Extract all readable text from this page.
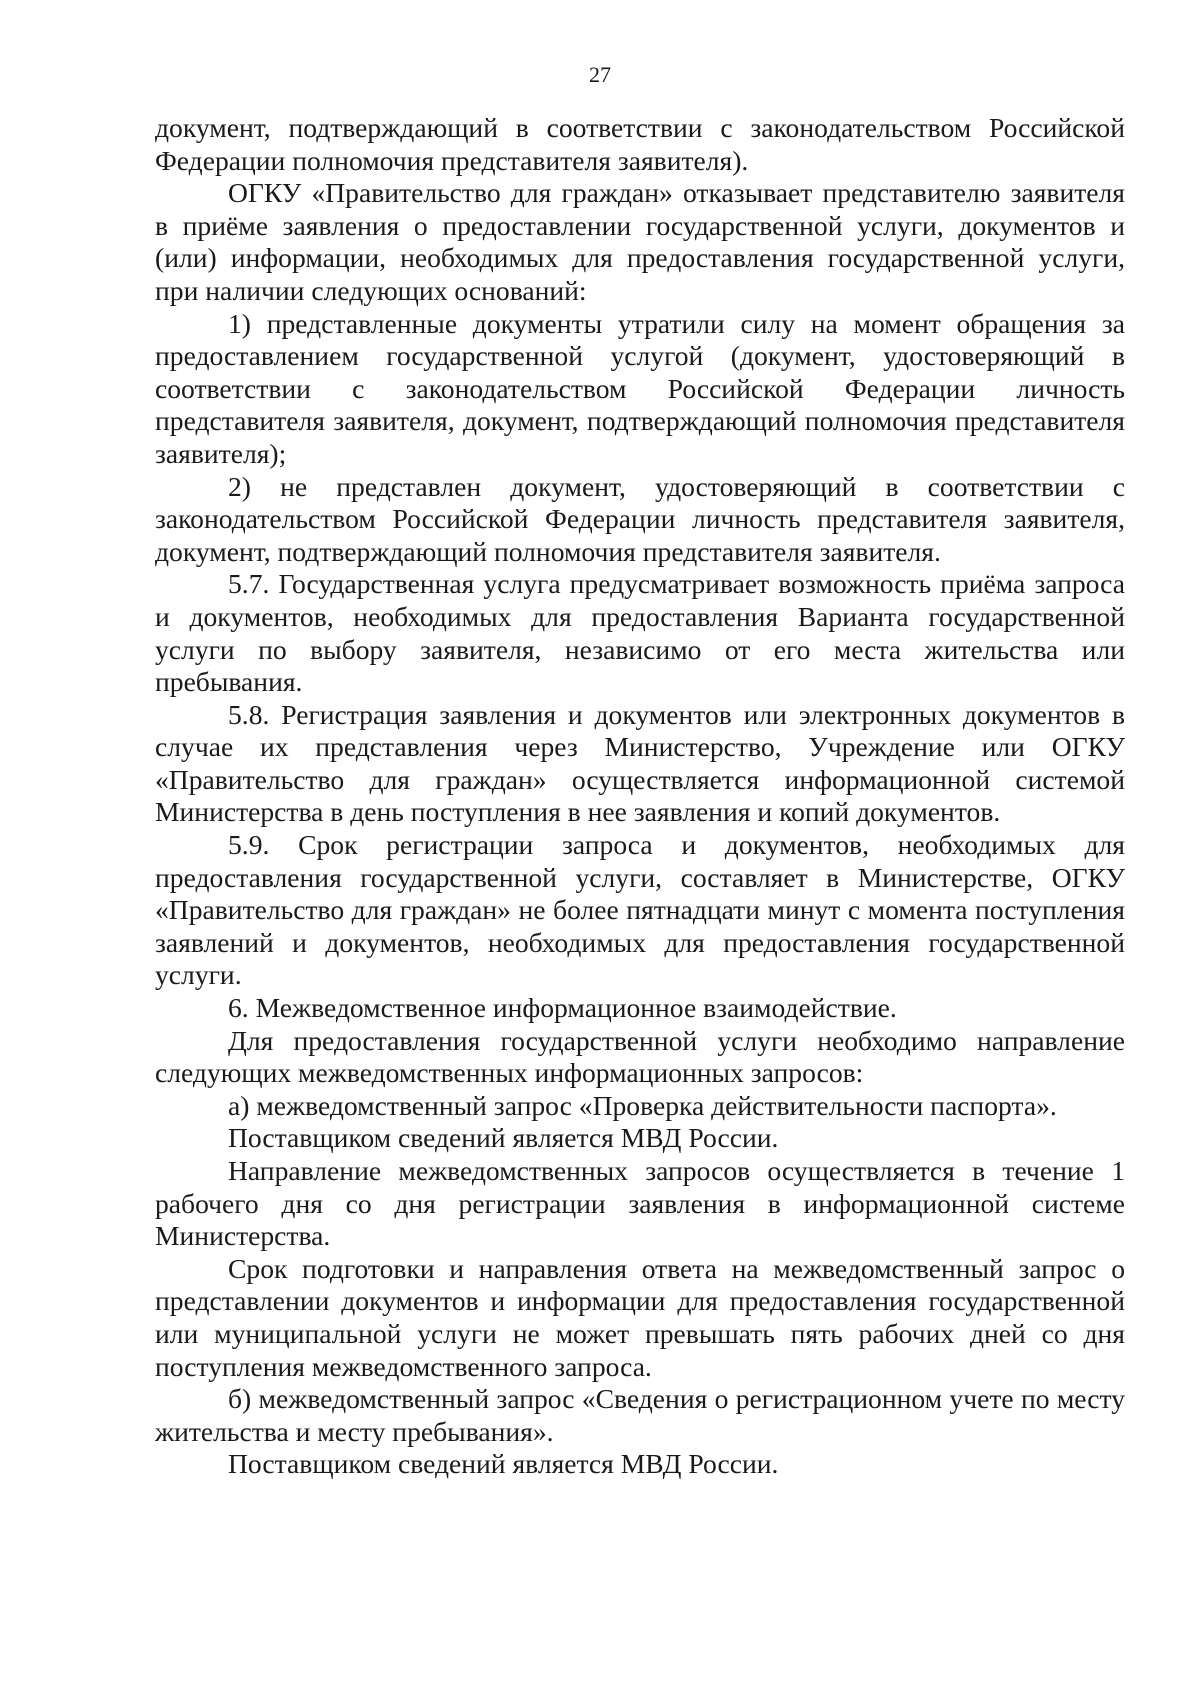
27

документ, подтверждающий в соответствии с законодательством Российской Федерации полномочия представителя заявителя).

ОГКУ «Правительство для граждан» отказывает представителю заявителя в приёме заявления о предоставлении государственной услуги, документов и (или) информации, необходимых для предоставления государственной услуги, при наличии следующих оснований:

1) представленные документы утратили силу на момент обращения за предоставлением государственной услугой (документ, удостоверяющий в соответствии с законодательством Российской Федерации личность представителя заявителя, документ, подтверждающий полномочия представителя заявителя);

2) не представлен документ, удостоверяющий в соответствии с законодательством Российской Федерации личность представителя заявителя, документ, подтверждающий полномочия представителя заявителя.

5.7. Государственная услуга предусматривает возможность приёма запроса и документов, необходимых для предоставления Варианта государственной услуги по выбору заявителя, независимо от его места жительства или пребывания.

5.8. Регистрация заявления и документов или электронных документов в случае их представления через Министерство, Учреждение или ОГКУ «Правительство для граждан» осуществляется информационной системой Министерства в день поступления в нее заявления и копий документов.

5.9. Срок регистрации запроса и документов, необходимых для предоставления государственной услуги, составляет в Министерстве, ОГКУ «Правительство для граждан» не более пятнадцати минут с момента поступления заявлений и документов, необходимых для предоставления государственной услуги.

6. Межведомственное информационное взаимодействие.

Для предоставления государственной услуги необходимо направление следующих межведомственных информационных запросов:

а) межведомственный запрос «Проверка действительности паспорта».

Поставщиком сведений является МВД России.

Направление межведомственных запросов осуществляется в течение 1 рабочего дня со дня регистрации заявления в информационной системе Министерства.

Срок подготовки и направления ответа на межведомственный запрос о представлении документов и информации для предоставления государственной или муниципальной услуги не может превышать пять рабочих дней со дня поступления межведомственного запроса.

б) межведомственный запрос «Сведения о регистрационном учете по месту жительства и месту пребывания».

Поставщиком сведений является МВД России.
